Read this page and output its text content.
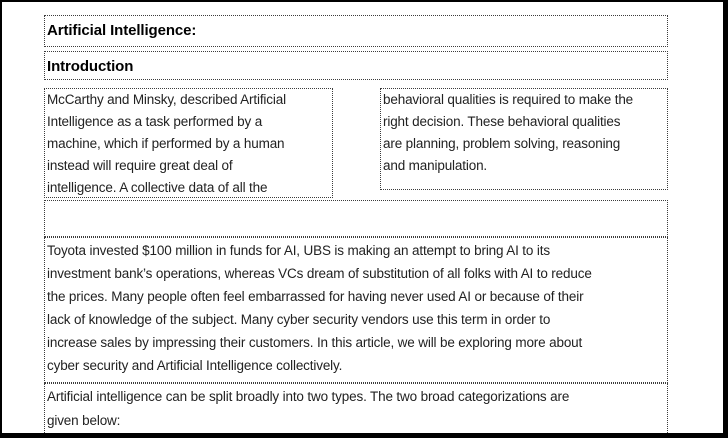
Artificial Intelligence:
Introduction
McCarthy and Minsky, described Artificial
Intelligence as a task performed by a
machine, which if performed by a human
instead will require great deal of
intelligence. A collective data of all the
behavioral qualities is required to make the
right decision. These behavioral qualities
are planning, problem solving, reasoning
and manipulation.
Toyota invested $100 million in funds for AI, UBS is making an attempt to bring AI to its
investment bank’s operations, whereas VCs dream of substitution of all folks with AI to reduce
the prices. Many people often feel embarrassed for having never used AI or because of their
lack of knowledge of the subject. Many cyber security vendors use this term in order to
increase sales by impressing their customers. In this article, we will be exploring more about
cyber security and Artificial Intelligence collectively.
Artificial intelligence can be split broadly into two types. The two broad categorizations are
given below:
